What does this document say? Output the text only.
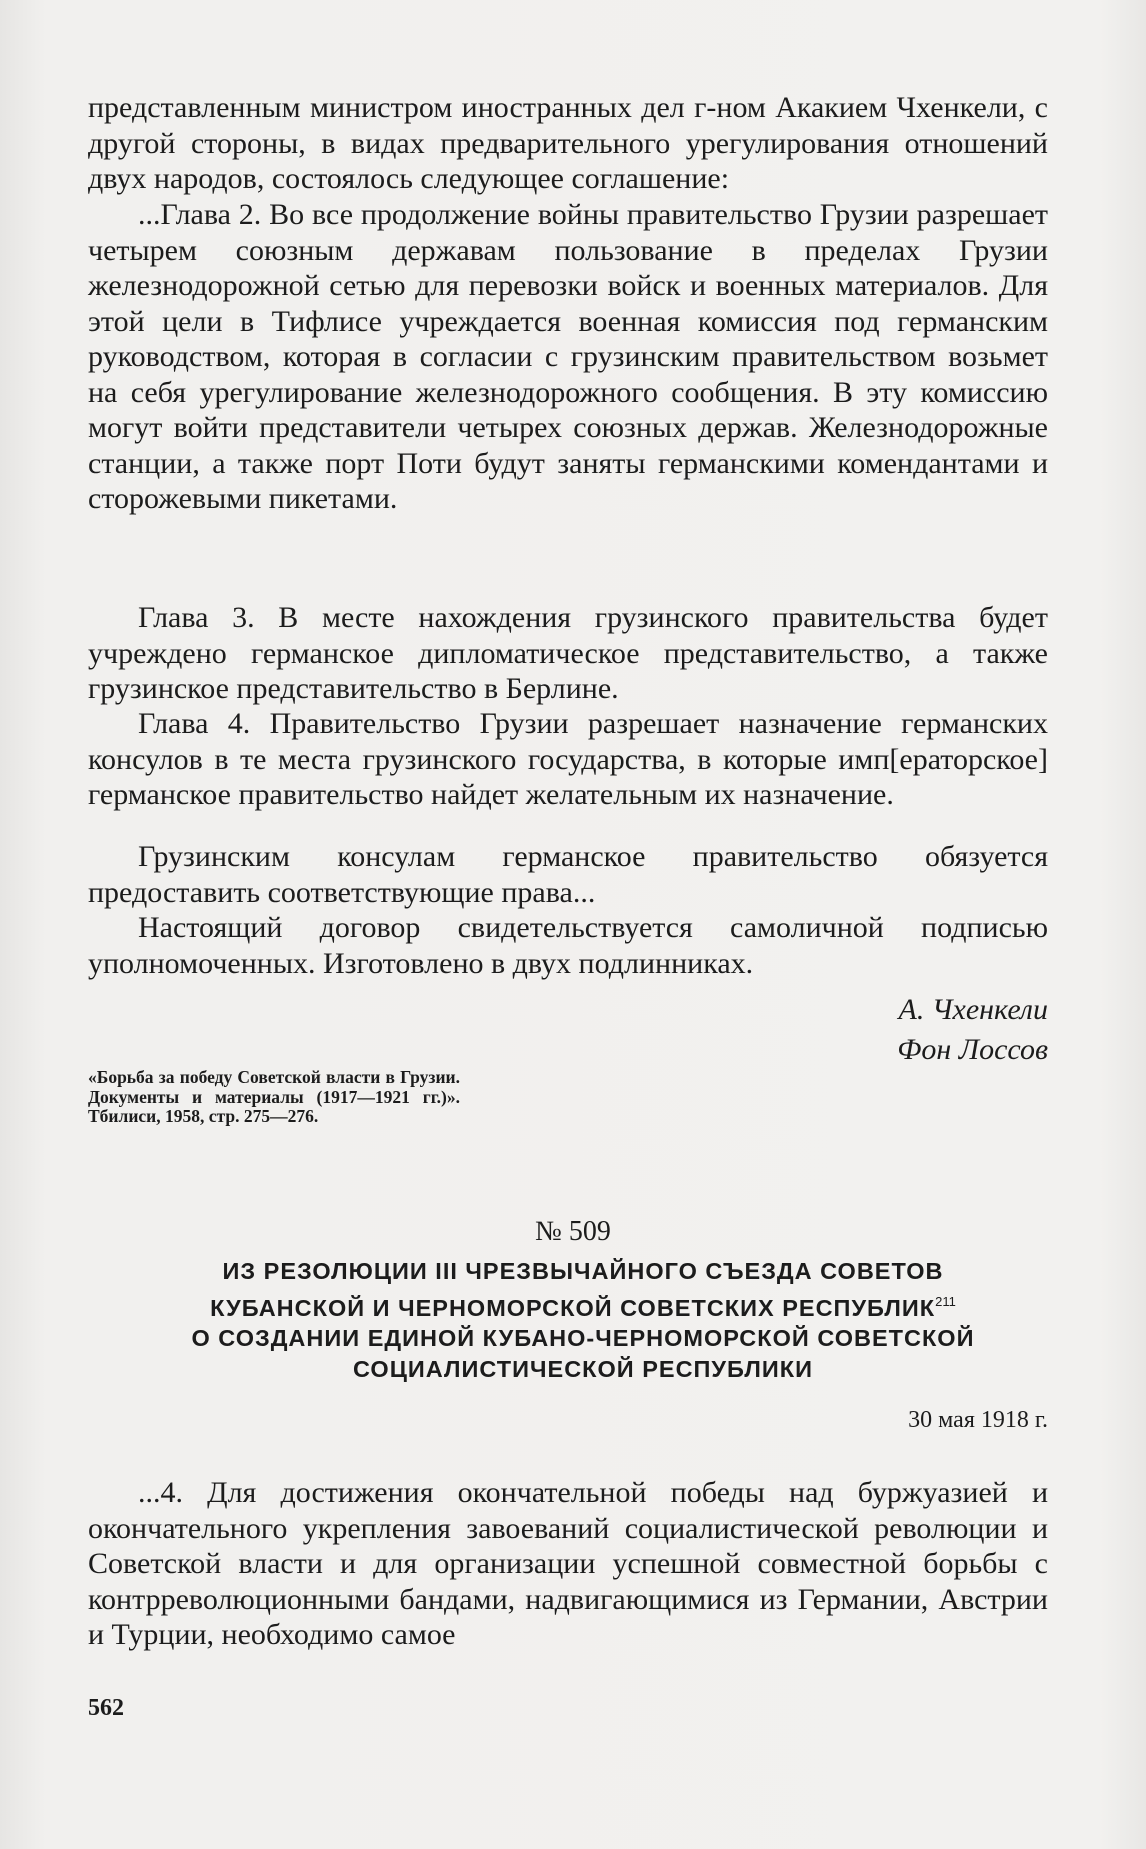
представленным министром иностранных дел г-ном Акакием Чхенкели, с другой стороны, в видах предварительного урегулирования отношений двух народов, состоялось следующее соглашение:

...Глава 2. Во все продолжение войны правительство Грузии разрешает четырем союзным державам пользование в пределах Грузии железнодорожной сетью для перевозки войск и военных материалов. Для этой цели в Тифлисе учреждается военная комиссия под германским руководством, которая в согласии с грузинским правительством возьмет на себя урегулирование железнодорожного сообщения. В эту комиссию могут войти представители четырех союзных держав. Железнодорожные станции, а также порт Поти будут заняты германскими комендантами и сторожевыми пикетами.

Глава 3. В месте нахождения грузинского правительства будет учреждено германское дипломатическое представительство, а также грузинское представительство в Берлине.

Глава 4. Правительство Грузии разрешает назначение германских консулов в те места грузинского государства, в которые имп[ераторское] германское правительство найдет желательным их назначение.

Грузинским консулам германское правительство обязуется предоставить соответствующие права...

Настоящий договор свидетельствуется самоличной подписью уполномоченных. Изготовлено в двух подлинниках.

А. Чхенкели
Фон Лоссов
«Борьба за победу Советской власти в Грузии. Документы и материалы (1917—1921 гг.)». Тбилиси, 1958, стр. 275—276.
№ 509
ИЗ РЕЗОЛЮЦИИ III ЧРЕЗВЫЧАЙНОГО СЪЕЗДА СОВЕТОВ
КУБАНСКОЙ И ЧЕРНОМОРСКОЙ СОВЕТСКИХ РЕСПУБЛИК$^{211}$
О СОЗДАНИИ ЕДИНОЙ КУБАНО-ЧЕРНОМОРСКОЙ СОВЕТСКОЙ
СОЦИАЛИСТИЧЕСКОЙ РЕСПУБЛИКИ
30 мая 1918 г.

...4. Для достижения окончательной победы над буржуазией и окончательного укрепления завоеваний социалистической революции и Советской власти и для организации успешной совместной борьбы с контрреволюционными бандами, надвигающимися из Германии, Австрии и Турции, необходимо самое

562
